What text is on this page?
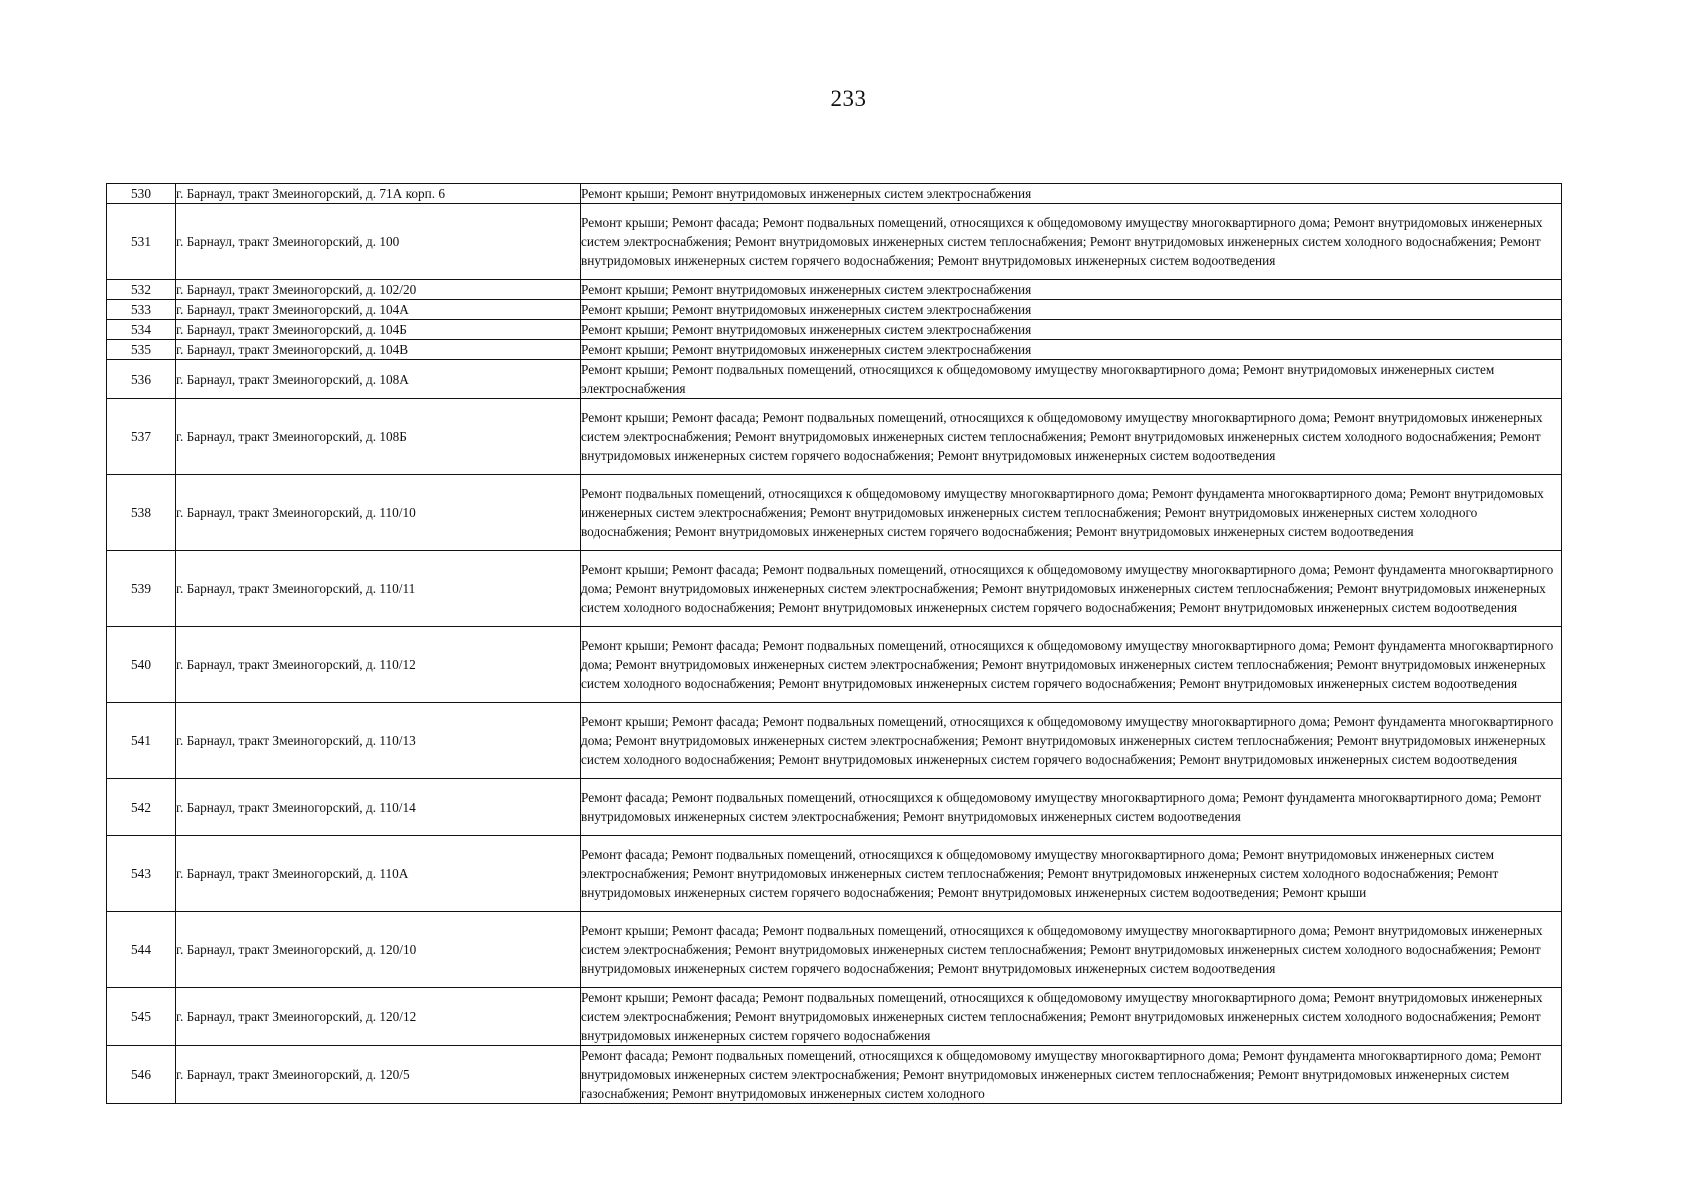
233
530	г. Барнаул, тракт Змеиногорский, д. 71А корп. 6	Ремонт крыши; Ремонт внутридомовых инженерных систем электроснабжения

531	г. Барнаул, тракт Змеиногорский, д. 100	Ремонт крыши; Ремонт фасада; Ремонт подвальных помещений, относящихся к общедомовому имуществу многоквартирного дома; Ремонт внутридомовых инженерных систем электроснабжения; Ремонт внутридомовых инженерных систем теплоснабжения; Ремонт внутридомовых инженерных систем холодного водоснабжения; Ремонт внутридомовых инженерных систем горячего водоснабжения; Ремонт внутридомовых инженерных систем водоотведения

532	г. Барнаул, тракт Змеиногорский, д. 102/20	Ремонт крыши; Ремонт внутридомовых инженерных систем электроснабжения

533	г. Барнаул, тракт Змеиногорский, д. 104А	Ремонт крыши; Ремонт внутридомовых инженерных систем электроснабжения

534	г. Барнаул, тракт Змеиногорский, д. 104Б	Ремонт крыши; Ремонт внутридомовых инженерных систем электроснабжения

535	г. Барнаул, тракт Змеиногорский, д. 104В	Ремонт крыши; Ремонт внутридомовых инженерных систем электроснабжения

536	г. Барнаул, тракт Змеиногорский, д. 108А	Ремонт крыши; Ремонт подвальных помещений, относящихся к общедомовому имуществу многоквартирного дома; Ремонт внутридомовых инженерных систем электроснабжения

537	г. Барнаул, тракт Змеиногорский, д. 108Б	Ремонт крыши; Ремонт фасада; Ремонт подвальных помещений, относящихся к общедомовому имуществу многоквартирного дома; Ремонт внутридомовых инженерных систем электроснабжения; Ремонт внутридомовых инженерных систем теплоснабжения; Ремонт внутридомовых инженерных систем холодного водоснабжения; Ремонт внутридомовых инженерных систем горячего водоснабжения; Ремонт внутридомовых инженерных систем водоотведения

538	г. Барнаул, тракт Змеиногорский, д. 110/10	Ремонт подвальных помещений, относящихся к общедомовому имуществу многоквартирного дома; Ремонт фундамента многоквартирного дома; Ремонт внутридомовых инженерных систем электроснабжения; Ремонт внутридомовых инженерных систем теплоснабжения; Ремонт внутридомовых инженерных систем холодного водоснабжения; Ремонт внутридомовых инженерных систем горячего водоснабжения; Ремонт внутридомовых инженерных систем водоотведения

539	г. Барнаул, тракт Змеиногорский, д. 110/11	Ремонт крыши; Ремонт фасада; Ремонт подвальных помещений, относящихся к общедомовому имуществу многоквартирного дома; Ремонт фундамента многоквартирного дома; Ремонт внутридомовых инженерных систем электроснабжения; Ремонт внутридомовых инженерных систем теплоснабжения; Ремонт внутридомовых инженерных систем холодного водоснабжения; Ремонт внутридомовых инженерных систем горячего водоснабжения; Ремонт внутридомовых инженерных систем водоотведения

540	г. Барнаул, тракт Змеиногорский, д. 110/12	Ремонт крыши; Ремонт фасада; Ремонт подвальных помещений, относящихся к общедомовому имуществу многоквартирного дома; Ремонт фундамента многоквартирного дома; Ремонт внутридомовых инженерных систем электроснабжения; Ремонт внутридомовых инженерных систем теплоснабжения; Ремонт внутридомовых инженерных систем холодного водоснабжения; Ремонт внутридомовых инженерных систем горячего водоснабжения; Ремонт внутридомовых инженерных систем водоотведения

541	г. Барнаул, тракт Змеиногорский, д. 110/13	Ремонт крыши; Ремонт фасада; Ремонт подвальных помещений, относящихся к общедомовому имуществу многоквартирного дома; Ремонт фундамента многоквартирного дома; Ремонт внутридомовых инженерных систем электроснабжения; Ремонт внутридомовых инженерных систем теплоснабжения; Ремонт внутридомовых инженерных систем холодного водоснабжения; Ремонт внутридомовых инженерных систем горячего водоснабжения; Ремонт внутридомовых инженерных систем водоотведения

542	г. Барнаул, тракт Змеиногорский, д. 110/14	Ремонт фасада; Ремонт подвальных помещений, относящихся к общедомовому имуществу многоквартирного дома; Ремонт фундамента многоквартирного дома; Ремонт внутридомовых инженерных систем электроснабжения; Ремонт внутридомовых инженерных систем водоотведения

543	г. Барнаул, тракт Змеиногорский, д. 110А	Ремонт фасада; Ремонт подвальных помещений, относящихся к общедомовому имуществу многоквартирного дома; Ремонт внутридомовых инженерных систем электроснабжения; Ремонт внутридомовых инженерных систем теплоснабжения; Ремонт внутридомовых инженерных систем холодного водоснабжения; Ремонт внутридомовых инженерных систем горячего водоснабжения; Ремонт внутридомовых инженерных систем водоотведения; Ремонт крыши

544	г. Барнаул, тракт Змеиногорский, д. 120/10	Ремонт крыши; Ремонт фасада; Ремонт подвальных помещений, относящихся к общедомовому имуществу многоквартирного дома; Ремонт внутридомовых инженерных систем электроснабжения; Ремонт внутридомовых инженерных систем теплоснабжения; Ремонт внутридомовых инженерных систем холодного водоснабжения; Ремонт внутридомовых инженерных систем горячего водоснабжения; Ремонт внутридомовых инженерных систем водоотведения

545	г. Барнаул, тракт Змеиногорский, д. 120/12	Ремонт крыши; Ремонт фасада; Ремонт подвальных помещений, относящихся к общедомовому имуществу многоквартирного дома; Ремонт внутридомовых инженерных систем электроснабжения; Ремонт внутридомовых инженерных систем теплоснабжения; Ремонт внутридомовых инженерных систем холодного водоснабжения; Ремонт внутридомовых инженерных систем горячего водоснабжения

546	г. Барнаул, тракт Змеиногорский, д. 120/5	Ремонт фасада; Ремонт подвальных помещений, относящихся к общедомовому имуществу многоквартирного дома; Ремонт фундамента многоквартирного дома; Ремонт внутридомовых инженерных систем электроснабжения; Ремонт внутридомовых инженерных систем теплоснабжения; Ремонт внутридомовых инженерных систем газоснабжения; Ремонт внутридомовых инженерных систем холодного
